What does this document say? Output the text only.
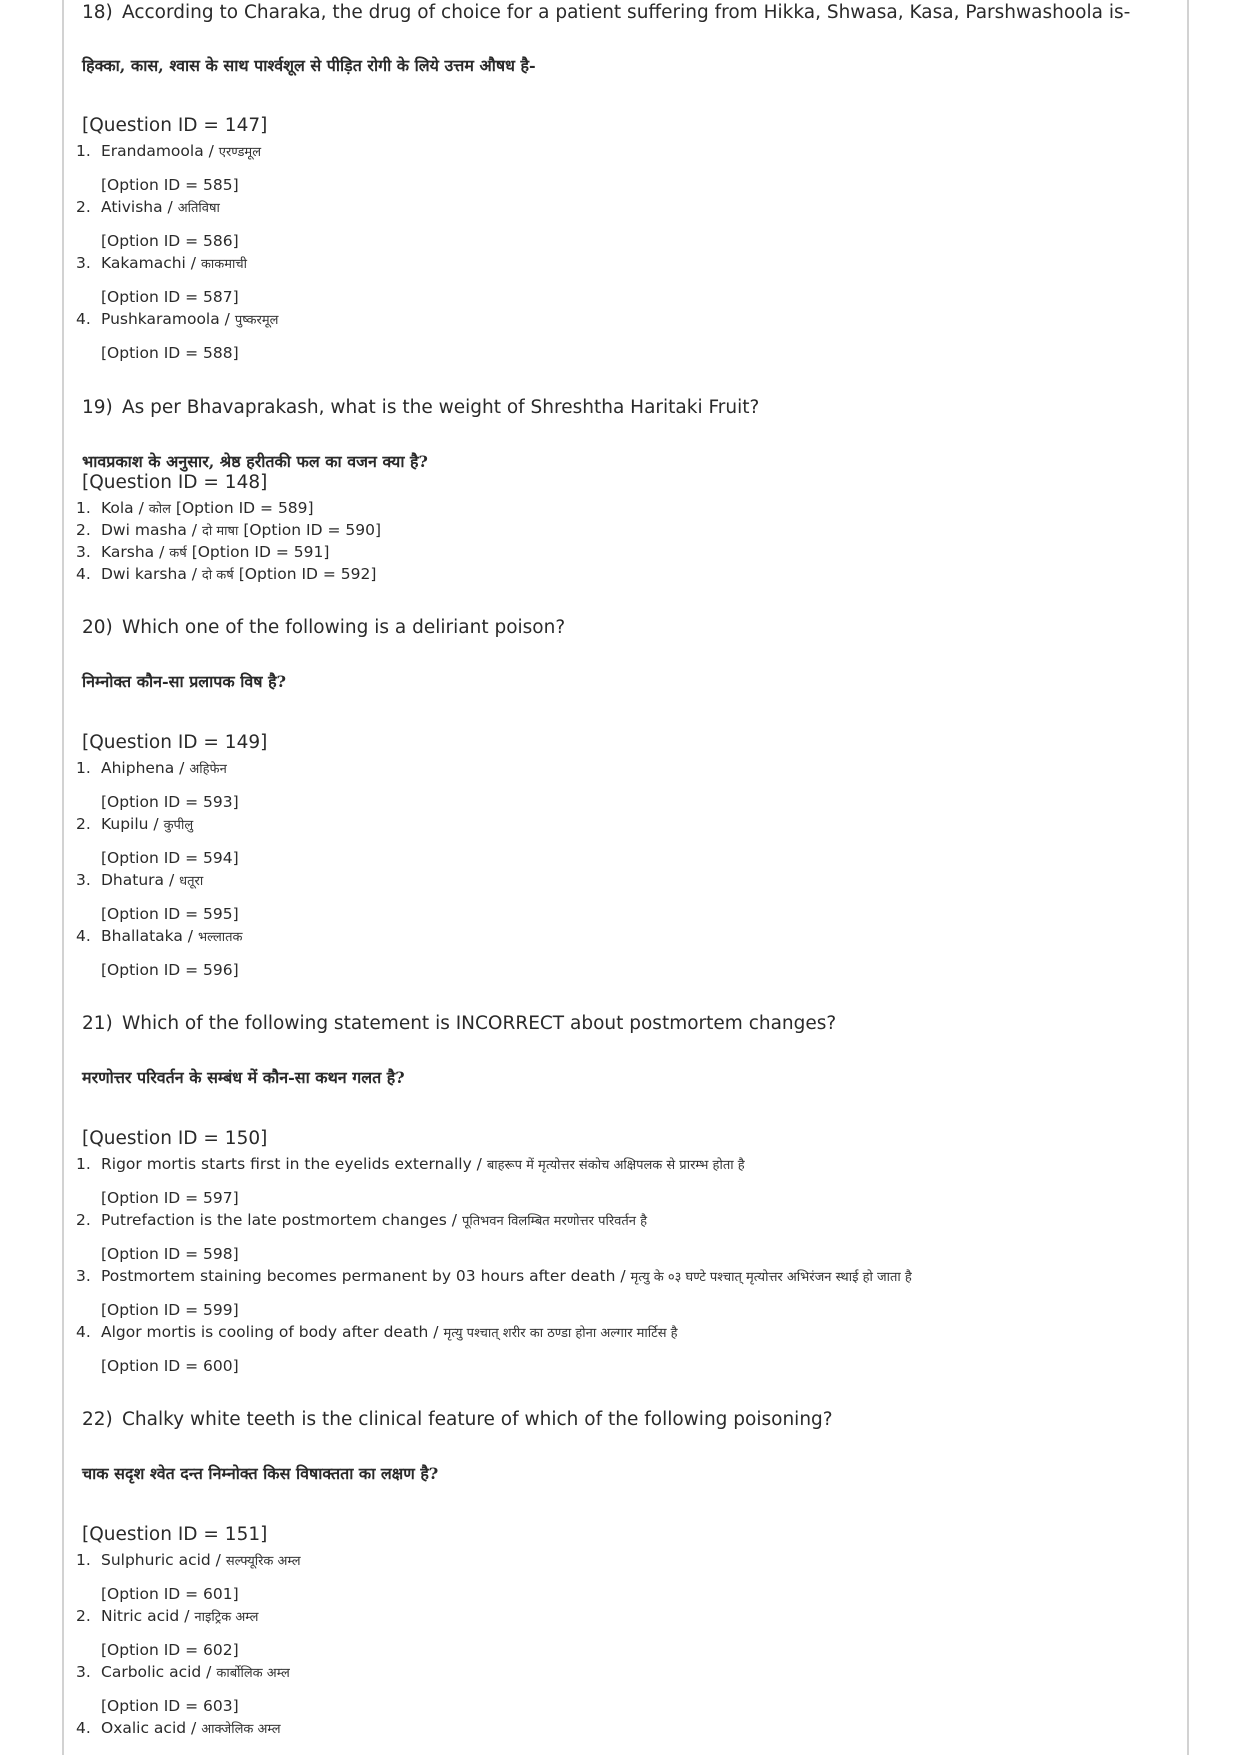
18) According to Charaka, the drug of choice for a patient suffering from Hikka, Shwasa, Kasa, Parshwashoola is-
हिक्का, कास, श्वास के साथ पार्श्वशूल से पीड़ित रोगी के लिये उत्तम औषध है-
[Question ID = 147]
1. Erandamoola / एरण्डमूल
[Option ID = 585]
2. Ativisha / अतिविषा
[Option ID = 586]
3. Kakamachi / काकमाची
[Option ID = 587]
4. Pushkaramoola / पुष्करमूल
[Option ID = 588]
19) As per Bhavaprakash, what is the weight of Shreshtha Haritaki Fruit?
भावप्रकाश के अनुसार, श्रेष्ठ हरीतकी फल का वजन क्या है?
[Question ID = 148]
1. Kola / कोल [Option ID = 589]
2. Dwi masha / दो माषा [Option ID = 590]
3. Karsha / कर्ष [Option ID = 591]
4. Dwi karsha / दो कर्ष [Option ID = 592]
20) Which one of the following is a deliriant poison?
निम्नोक्त कौन-सा प्रलापक विष है?
[Question ID = 149]
1. Ahiphena / अहिफेन
[Option ID = 593]
2. Kupilu / कुपीलु
[Option ID = 594]
3. Dhatura / धतूरा
[Option ID = 595]
4. Bhallataka / भल्लातक
[Option ID = 596]
21) Which of the following statement is INCORRECT about postmortem changes?
मरणोत्तर परिवर्तन के सम्बंध में कौन-सा कथन गलत है?
[Question ID = 150]
1. Rigor mortis starts first in the eyelids externally / बाहरूप में मृत्योत्तर संकोच अक्षिपलक से प्रारम्भ होता है
[Option ID = 597]
2. Putrefaction is the late postmortem changes / पूतिभवन विलम्बित मरणोत्तर परिवर्तन है
[Option ID = 598]
3. Postmortem staining becomes permanent by 03 hours after death / मृत्यु के ०३ घण्टे पश्चात् मृत्योत्तर अभिरंजन स्थाई हो जाता है
[Option ID = 599]
4. Algor mortis is cooling of body after death / मृत्यु पश्चात् शरीर का ठण्डा होना अल्गार मार्टिस है
[Option ID = 600]
22) Chalky white teeth is the clinical feature of which of the following poisoning?
चाक सदृश श्वेत दन्त निम्नोक्त किस विषाक्तता का लक्षण है?
[Question ID = 151]
1. Sulphuric acid / सल्फ्यूरिक अम्ल
[Option ID = 601]
2. Nitric acid / नाइट्रिक अम्ल
[Option ID = 602]
3. Carbolic acid / कार्बोलिक अम्ल
[Option ID = 603]
4. Oxalic acid / आक्जेलिक अम्ल
